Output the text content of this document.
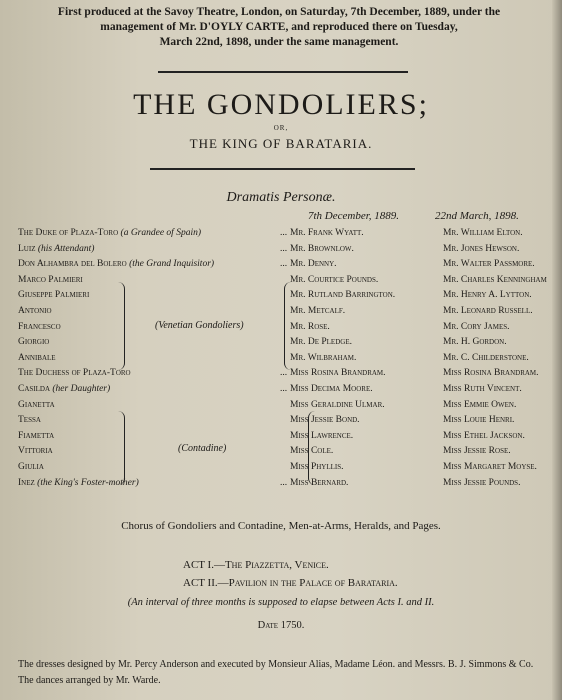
First produced at the Savoy Theatre, London, on Saturday, 7th December, 1889, under the
management of Mr. D'OYLY CARTE, and reproduced there on Tuesday,
March 22nd, 1898, under the same management.
THE GONDOLIERS;
OR,
THE KING OF BARATARIA.
Dramatis Personæ.
7th December, 1889.	22nd March, 1898.
The Duke of Plaza-Toro (a Grandee of Spain)	... Mr. Frank Wyatt.	Mr. William Elton.
Luiz (his Attendant)	... Mr. Brownlow.	Mr. Jones Hewson.
Don Alhambra del Bolero (the Grand Inquisitor)	... Mr. Denny.	Mr. Walter Passmore.
Marco Palmieri	Mr. Courtice Pounds.	Mr. Charles Kenningham
Giuseppe Palmieri	Mr. Rutland Barrington.	Mr. Henry A. Lytton.
Antonio	Mr. Metcalf.	Mr. Leonard Russell.
Francesco	Mr. Rose.	Mr. Cory James.
Giorgio	Mr. De Pledge.	Mr. H. Gordon.
Annibale	Mr. Wilbraham.	Mr. C. Childerstone.
The Duchess of Plaza-Toro	... Miss Rosina Brandram.	Miss Rosina Brandram.
Casilda (her Daughter)	... Miss Decima Moore.	Miss Ruth Vincent.
Gianetta	Miss Geraldine Ulmar.	Miss Emmie Owen.
Tessa	Miss Jessie Bond.	Miss Louie Henri.
Fiametta	Miss Lawrence.	Miss Ethel Jackson.
Vittoria	Miss Cole.	Miss Jessie Rose.
Giulia	Miss Phyllis.	Miss Margaret Moyse.
Inez (the King's Foster-mother)	... Miss Bernard.	Miss Jessie Pounds.
(Venetian Gondoliers)
(Contadine)
Chorus of Gondoliers and Contadine, Men-at-Arms, Heralds, and Pages.
ACT I.—The Piazzetta, Venice.
ACT II.—Pavilion in the Palace of Barataria.
(An interval of three months is supposed to elapse between Acts I. and II.
Date 1750.
The dresses designed by Mr. Percy Anderson and executed by Monsieur Alias, Madame Léon. and Messrs. B. J. Simmons & Co. The dances arranged by Mr. Warde.
